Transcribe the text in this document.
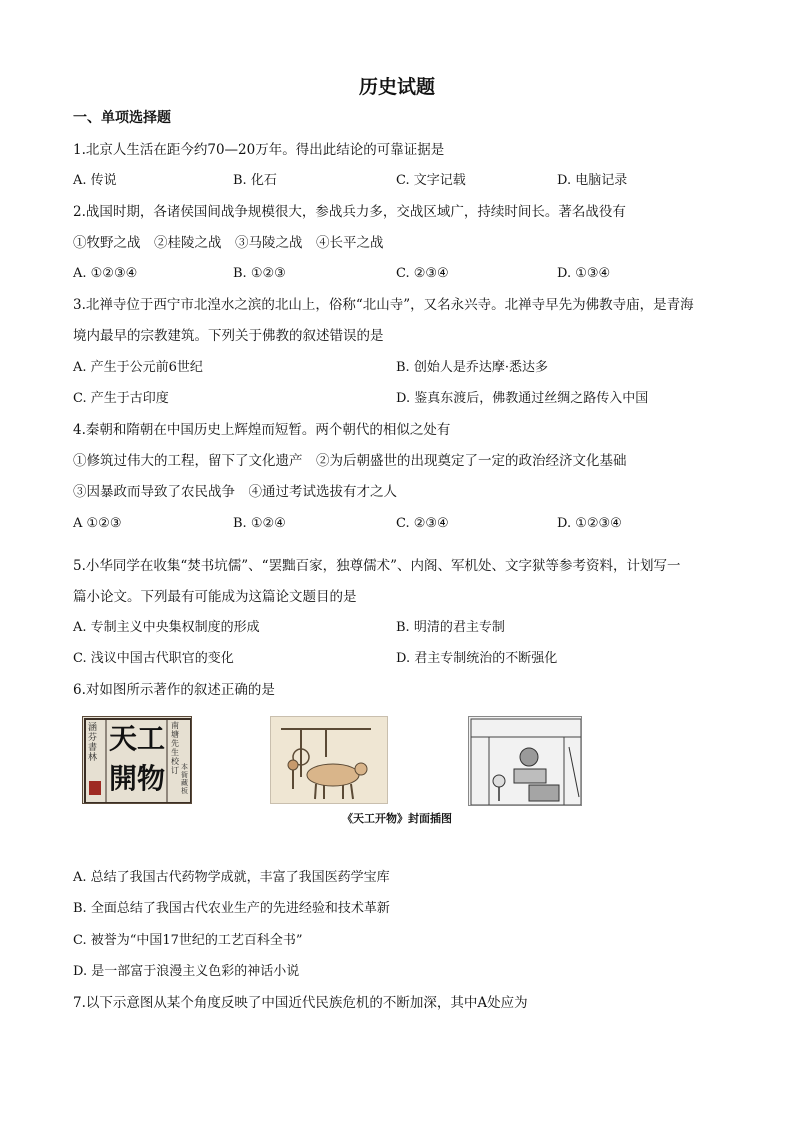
历史试题
一、单项选择题
1.北京人生活在距今约70—20万年。得出此结论的可靠证据是
A. 传说	B. 化石	C. 文字记载	D. 电脑记录
2.战国时期，各诸侯国间战争规模很大，参战兵力多，交战区域广，持续时间长。著名战役有
①牧野之战　②桂陵之战　③马陵之战　④长平之战
A. ①②③④	B. ①②③	C. ②③④	D. ①③④
3.北禅寺位于西宁市北湟水之滨的北山上，俗称“北山寺”，又名永兴寺。北禅寺早先为佛教寺庙，是青海
境内最早的宗教建筑。下列关于佛教的叙述错误的是
A. 产生于公元前6世纪	B. 创始人是乔达摩·悉达多
C. 产生于古印度	D. 鉴真东渡后，佛教通过丝绸之路传入中国
4.秦朝和隋朝在中国历史上辉煌而短暂。两个朝代的相似之处有
①修筑过伟大的工程，留下了文化遗产　②为后朝盛世的出现奠定了一定的政治经济文化基础
③因暴政而导致了农民战争　④通过考试选拔有才之人
A ①②③	B. ①②④	C. ②③④	D. ①②③④
5.小华同学在收集“焚书坑儒”、“罢黜百家，独尊儒术”、内阁、军机处、文字狱等参考资料，计划写一
篇小论文。下列最有可能成为这篇论文题目的是
A. 专制主义中央集权制度的形成	B. 明清的君主专制
C. 浅议中国古代职官的变化	D. 君主专制统治的不断强化
6.对如图所示著作的叙述正确的是
涵芬書林
天工開物
南塘先生校订 本衙藏板
《天工开物》封面插图
A. 总结了我国古代药物学成就，丰富了我国医药学宝库
B. 全面总结了我国古代农业生产的先进经验和技术革新
C. 被誉为“中国17世纪的工艺百科全书”
D. 是一部富于浪漫主义色彩的神话小说
7.以下示意图从某个角度反映了中国近代民族危机的不断加深，其中A处应为
